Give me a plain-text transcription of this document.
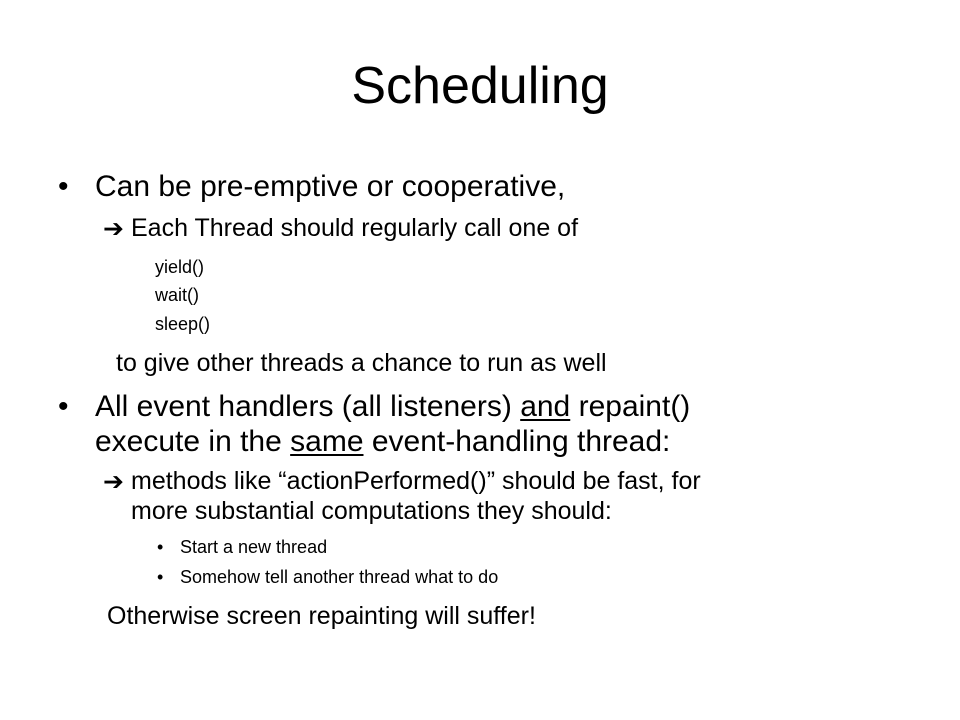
Scheduling
• Can be pre-emptive or cooperative,
➔ Each Thread should regularly call one of
yield()
wait()
sleep()
to give other threads a chance to run as well
• All event handlers (all listeners) and repaint()
execute in the same event-handling thread:
➔ methods like “actionPerformed()” should be fast, for
more substantial computations they should:
• Start a new thread
• Somehow tell another thread what to do
Otherwise screen repainting will suffer!
